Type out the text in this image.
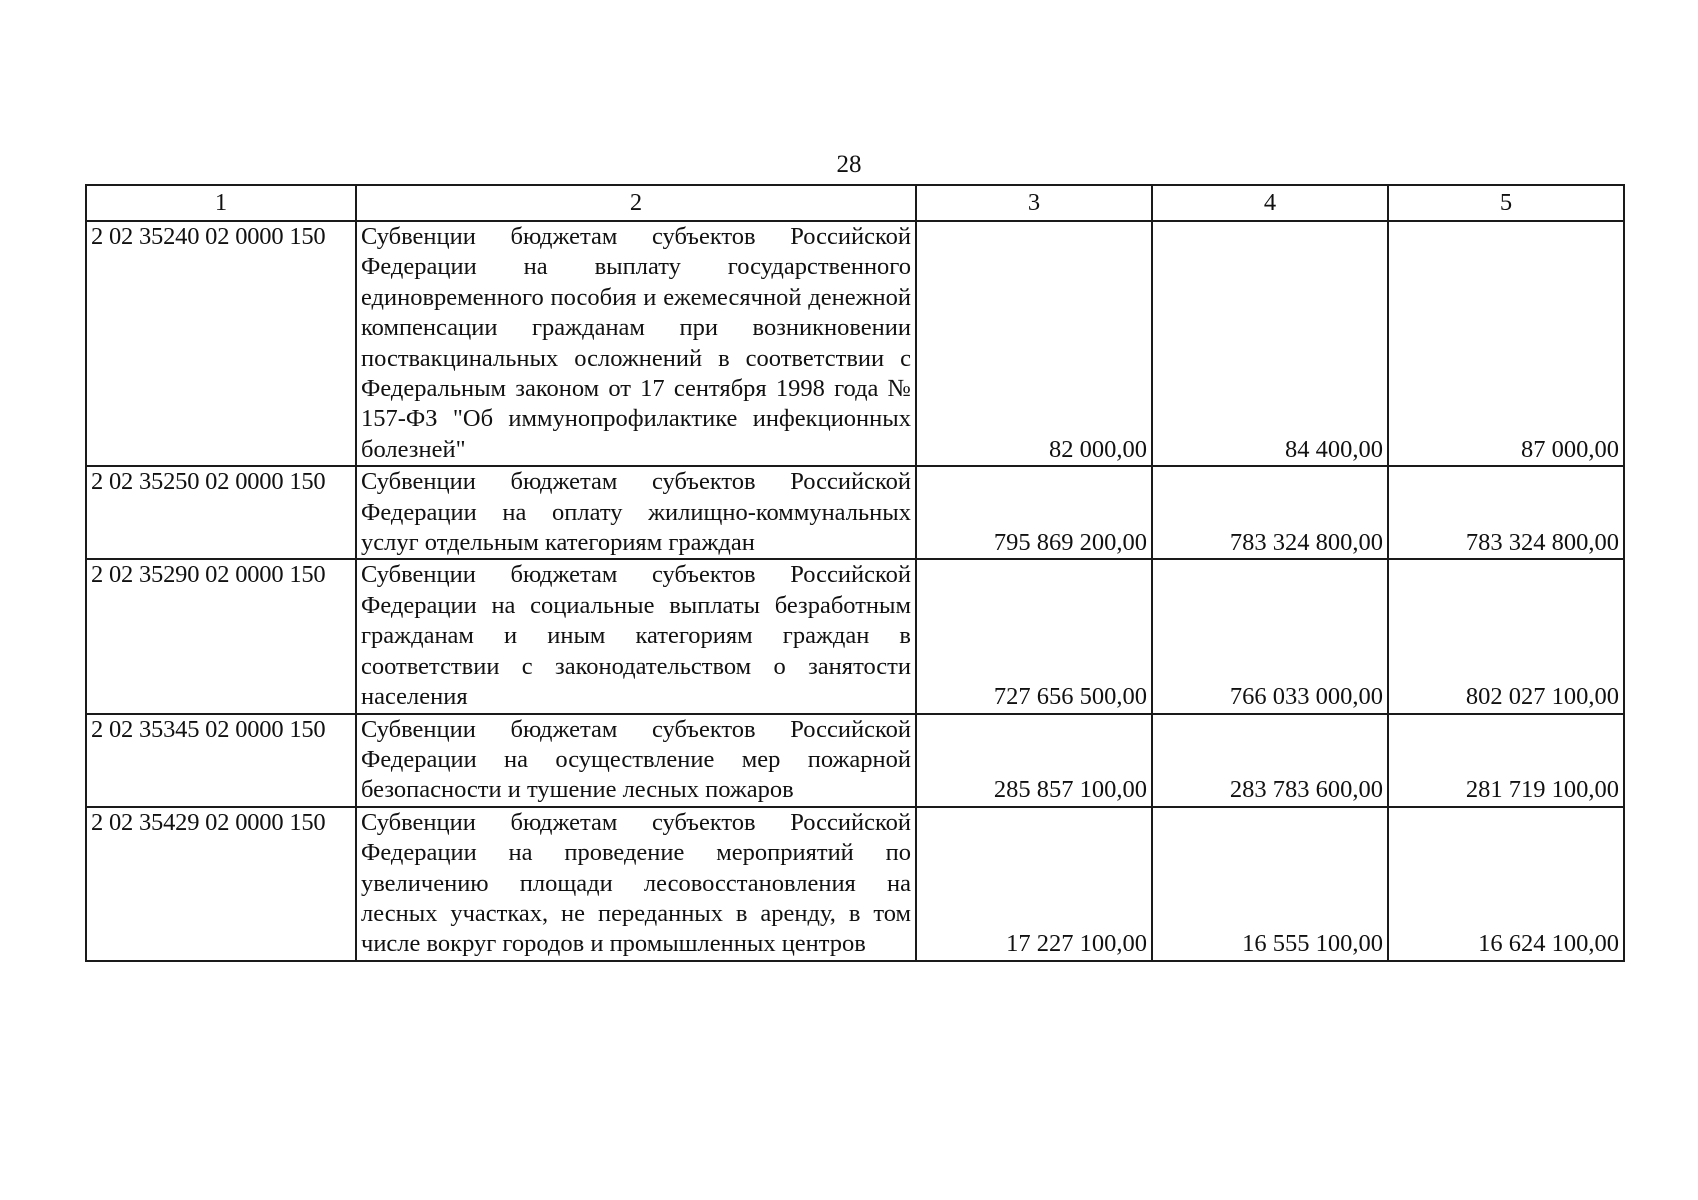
28
1	2	3	4	5
2 02 35240 02 0000 150	Субвенции бюджетам субъектов Российской Федерации на выплату государственного единовременного пособия и ежемесячной денежной компенсации гражданам при возникновении поствакцинальных осложнений в соответствии с Федеральным законом от 17 сентября 1998 года № 157-ФЗ "Об иммунопрофилактике инфекционных болезней"	82 000,00	84 400,00	87 000,00
2 02 35250 02 0000 150	Субвенции бюджетам субъектов Российской Федерации на оплату жилищно-коммунальных услуг отдельным категориям граждан	795 869 200,00	783 324 800,00	783 324 800,00
2 02 35290 02 0000 150	Субвенции бюджетам субъектов Российской Федерации на социальные выплаты безработным гражданам и иным категориям граждан в соответствии с законодательством о занятости населения	727 656 500,00	766 033 000,00	802 027 100,00
2 02 35345 02 0000 150	Субвенции бюджетам субъектов Российской Федерации на осуществление мер пожарной безопасности и тушение лесных пожаров	285 857 100,00	283 783 600,00	281 719 100,00
2 02 35429 02 0000 150	Субвенции бюджетам субъектов Российской Федерации на проведение мероприятий по увеличению площади лесовосстановления на лесных участках, не переданных в аренду, в том числе вокруг городов и промышленных центров	17 227 100,00	16 555 100,00	16 624 100,00
